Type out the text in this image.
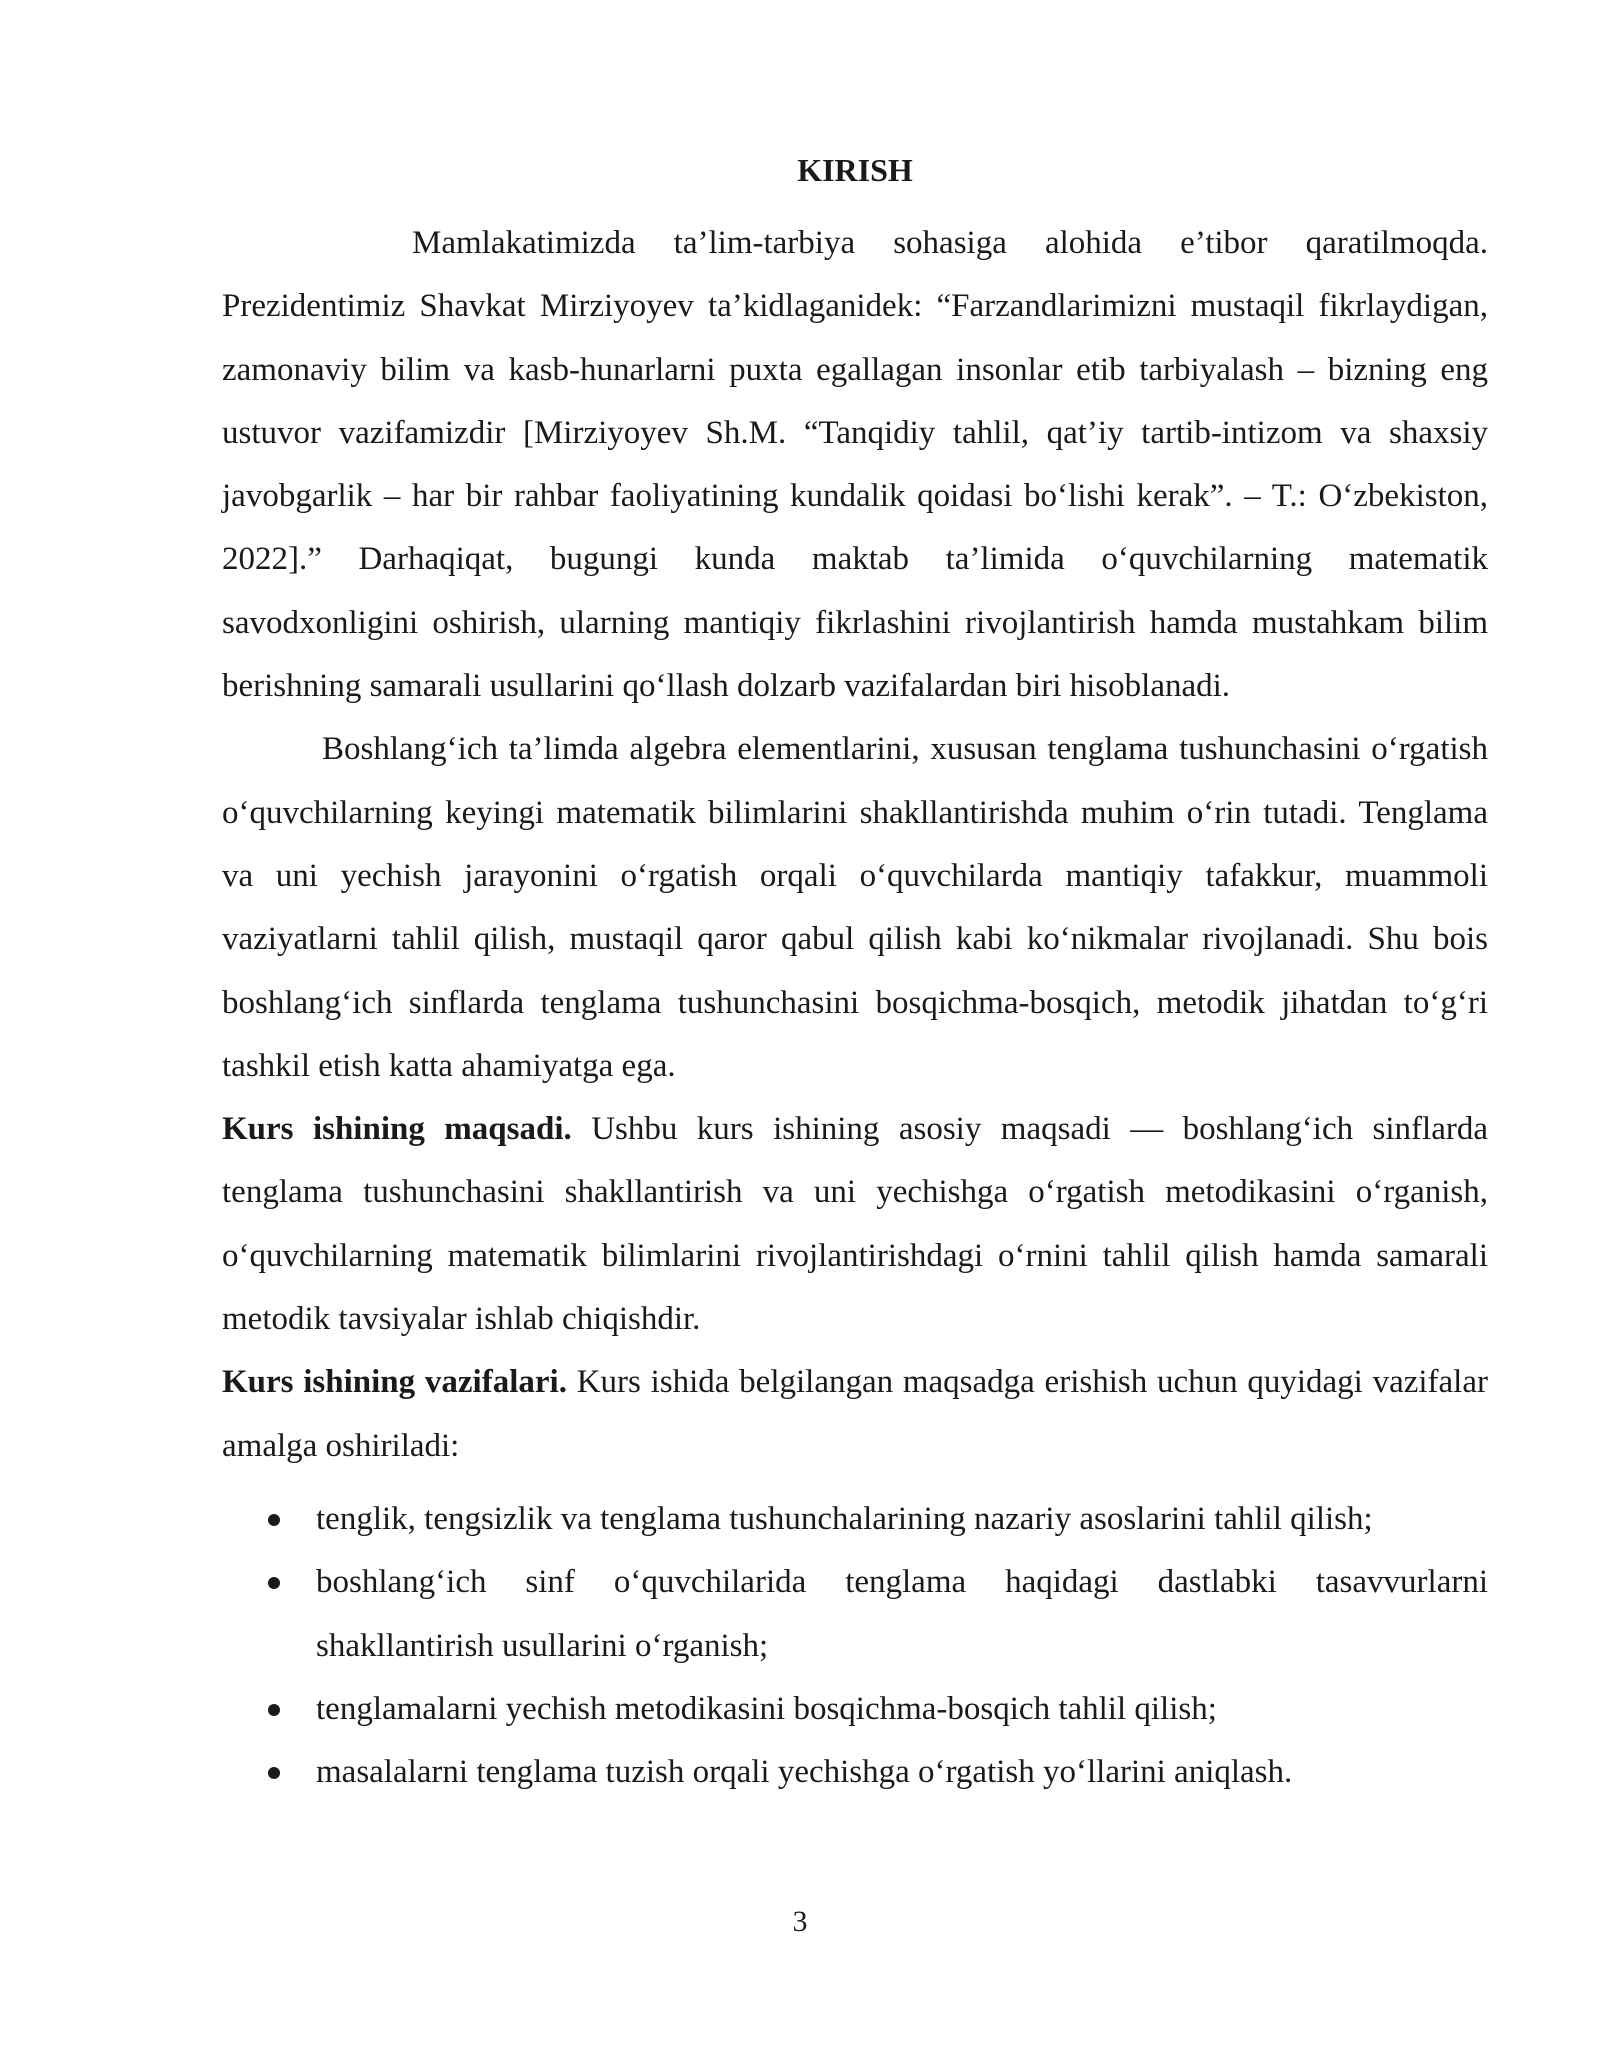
KIRISH

Mamlakatimizda ta’lim-tarbiya sohasiga alohida e’tibor qaratilmoqda. Prezidentimiz Shavkat Mirziyoyev ta’kidlaganidek: “Farzandlarimizni mustaqil fikrlaydigan, zamonaviy bilim va kasb-hunarlarni puxta egallagan insonlar etib tarbiyalash – bizning eng ustuvor vazifamizdir [Mirziyoyev Sh.M. “Tanqidiy tahlil, qat’iy tartib-intizom va shaxsiy javobgarlik – har bir rahbar faoliyatining kundalik qoidasi bo‘lishi kerak”. – T.: O‘zbekiston, 2022].” Darhaqiqat, bugungi kunda maktab ta’limida o‘quvchilarning matematik savodxonligini oshirish, ularning mantiqiy fikrlashini rivojlantirish hamda mustahkam bilim berishning samarali usullarini qo‘llash dolzarb vazifalardan biri hisoblanadi.

Boshlang‘ich ta’limda algebra elementlarini, xususan tenglama tushunchasini o‘rgatish o‘quvchilarning keyingi matematik bilimlarini shakllantirishda muhim o‘rin tutadi. Tenglama va uni yechish jarayonini o‘rgatish orqali o‘quvchilarda mantiqiy tafakkur, muammoli vaziyatlarni tahlil qilish, mustaqil qaror qabul qilish kabi ko‘nikmalar rivojlanadi. Shu bois boshlang‘ich sinflarda tenglama tushunchasini bosqichma-bosqich, metodik jihatdan to‘g‘ri tashkil etish katta ahamiyatga ega.

Kurs ishining maqsadi. Ushbu kurs ishining asosiy maqsadi — boshlang‘ich sinflarda tenglama tushunchasini shakllantirish va uni yechishga o‘rgatish metodikasini o‘rganish, o‘quvchilarning matematik bilimlarini rivojlantirishdagi o‘rnini tahlil qilish hamda samarali metodik tavsiyalar ishlab chiqishdir.

Kurs ishining vazifalari. Kurs ishida belgilangan maqsadga erishish uchun quyidagi vazifalar amalga oshiriladi:

tenglik, tengsizlik va tenglama tushunchalarining nazariy asoslarini tahlil qilish;
boshlang‘ich sinf o‘quvchilarida tenglama haqidagi dastlabki tasavvurlarni shakllantirish usullarini o‘rganish;
tenglamalarni yechish metodikasini bosqichma-bosqich tahlil qilish;
masalalarni tenglama tuzish orqali yechishga o‘rgatish yo‘llarini aniqlash.
3
